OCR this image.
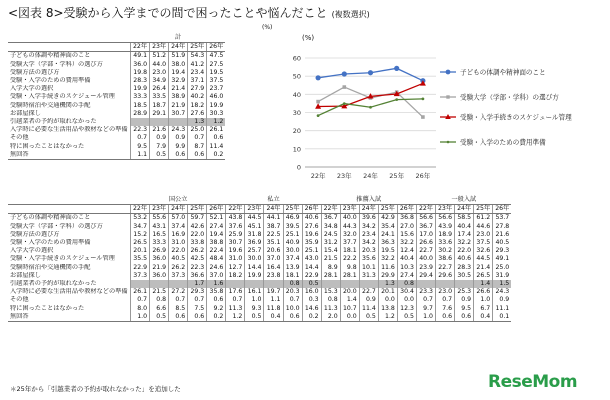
<図表 8>受験から入学までの間で困ったことや悩んだこと (複数選択)
(%)
	計				
	22年	23年	24年	25年	26年
子どもの体調や精神面のこと	49.1	51.2	51.9	54.3	47.5
受験大学（学部・学科）の選び方	36.0	44.0	38.0	41.2	27.5
受験方法の選び方	19.8	23.0	19.4	23.4	19.5
受験・入学のための費用準備	28.3	34.9	32.9	37.1	37.5
入学大学の選択	19.9	26.4	21.4	27.9	23.7
受験・入学手続きのスケジュール管理	33.3	33.5	38.9	40.2	46.0
受験時宿泊や交通機関の手配	18.5	18.7	21.9	18.2	19.9
お部屋探し	28.9	29.1	30.7	27.6	30.3
引越業者の予約が取れなかった				1.3	1.2
入学時に必要な生活用品や教材などの準備	22.3	21.6	24.3	25.0	26.1
その他	0.7	0.9	0.9	0.7	0.6
特に困ったことはなかった	9.5	7.9	9.9	8.7	11.4
無回答	1.1	0.5	0.6	0.6	0.2
	国公立					私立					推薦入試					一般入試				
	22年	23年	24年	25年	26年	22年	23年	24年	25年	26年	22年	23年	24年	25年	26年	22年	23年	24年	25年	26年
子どもの体調や精神面のこと	53.2	55.6	57.0	59.7	52.1	43.8	44.5	44.1	46.9	40.6	36.7	40.0	39.6	42.9	36.8	56.6	56.6	58.5	61.2	53.7
受験大学（学部・学科）の選び方	34.7	43.1	37.4	42.6	27.4	37.6	45.1	38.7	39.5	27.6	34.8	44.3	34.2	35.4	27.0	36.7	43.9	40.4	44.6	27.8
受験方法の選び方	15.2	16.5	16.9	22.0	19.4	25.9	31.8	22.5	25.1	19.6	24.5	32.0	23.4	24.1	15.6	17.0	18.9	17.4	23.0	21.6
受験・入学のための費用準備	26.5	33.3	31.0	33.8	38.8	30.7	36.9	35.1	40.9	35.9	31.2	37.7	34.2	36.3	32.2	26.6	33.6	32.2	37.5	40.5
入学大学の選択	20.1	26.9	22.0	26.2	22.4	19.6	25.7	20.6	30.0	25.1	15.4	18.1	20.3	19.5	12.4	22.7	30.2	22.0	32.6	29.3
受験・入学手続きのスケジュール管理	35.5	36.0	40.5	42.5	48.4	31.0	30.0	37.0	37.4	43.0	21.5	22.2	35.6	32.2	40.4	40.0	38.6	40.6	44.5	49.1
受験時宿泊や交通機関の手配	22.9	21.9	26.2	22.3	24.6	12.7	14.4	16.4	13.9	14.4	8.9	9.8	10.1	11.6	10.3	23.9	22.7	28.3	21.4	25.0
お部屋探し	37.3	36.0	37.3	36.6	37.0	18.2	19.9	23.8	18.1	22.9	28.1	28.1	31.3	29.9	27.4	29.4	29.6	30.5	26.5	31.9
引越業者の予約が取れなかった				1.7	1.6				0.8	0.5				1.3	0.8				1.4	1.5
入学時に必要な生活用品や教材などの準備	26.1	21.5	27.2	29.3	35.8	17.6	16.1	19.7	20.3	16.0	15.3	20.0	22.7	20.1	30.4	23.3	23.0	25.3	26.6	24.3
その他	0.7	0.8	0.7	0.7	0.6	0.7	1.0	1.1	0.7	0.3	0.8	1.4	0.9	0.0	0.0	0.7	0.7	0.9	1.0	0.9
特に困ったことはなかった	8.0	6.6	8.5	7.5	9.2	11.3	9.3	11.8	10.0	14.6	11.3	10.7	11.4	13.8	12.3	9.7	7.6	9.5	6.7	11.1
無回答	1.0	0.5	0.6	0.6	0.2	1.2	0.5	0.4	0.6	0.2	2.0	0.0	0.5	1.2	0.5	1.0	0.6	0.6	0.4	0.1
(%)
0
10
20
30
40
50
60
22年 23年 24年 25年 26年
子どもの体調や精神面のこと
受験大学（学部・学科）の選び方
受験・入学手続きのスケジュール管理
受験・入学のための費用準備
＊25年から「引越業者の予約が取れなかった」を追加した	ReseMom
